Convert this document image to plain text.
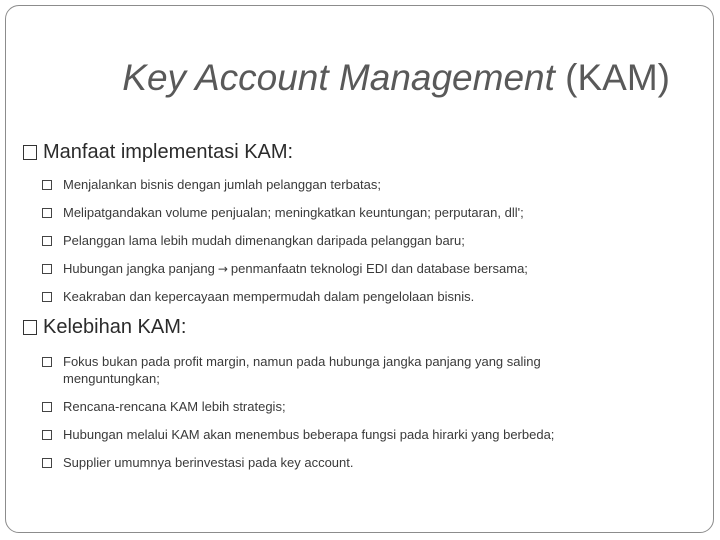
Key Account Management (KAM)
Manfaat implementasi KAM:
Menjalankan bisnis dengan jumlah pelanggan terbatas;
Melipatgandakan volume penjualan; meningkatkan keuntungan; perputaran, dll';
Pelanggan lama lebih mudah dimenangkan daripada pelanggan baru;
Hubungan jangka panjang → penmanfaatn teknologi EDI dan database bersama;
Keakraban dan kepercayaan mempermudah dalam pengelolaan bisnis.
Kelebihan KAM:
Fokus bukan pada profit margin, namun pada hubunga jangka panjang yang saling menguntungkan;
Rencana-rencana KAM lebih strategis;
Hubungan melalui KAM akan menembus beberapa fungsi pada hirarki yang berbeda;
Supplier umumnya berinvestasi pada key account.
